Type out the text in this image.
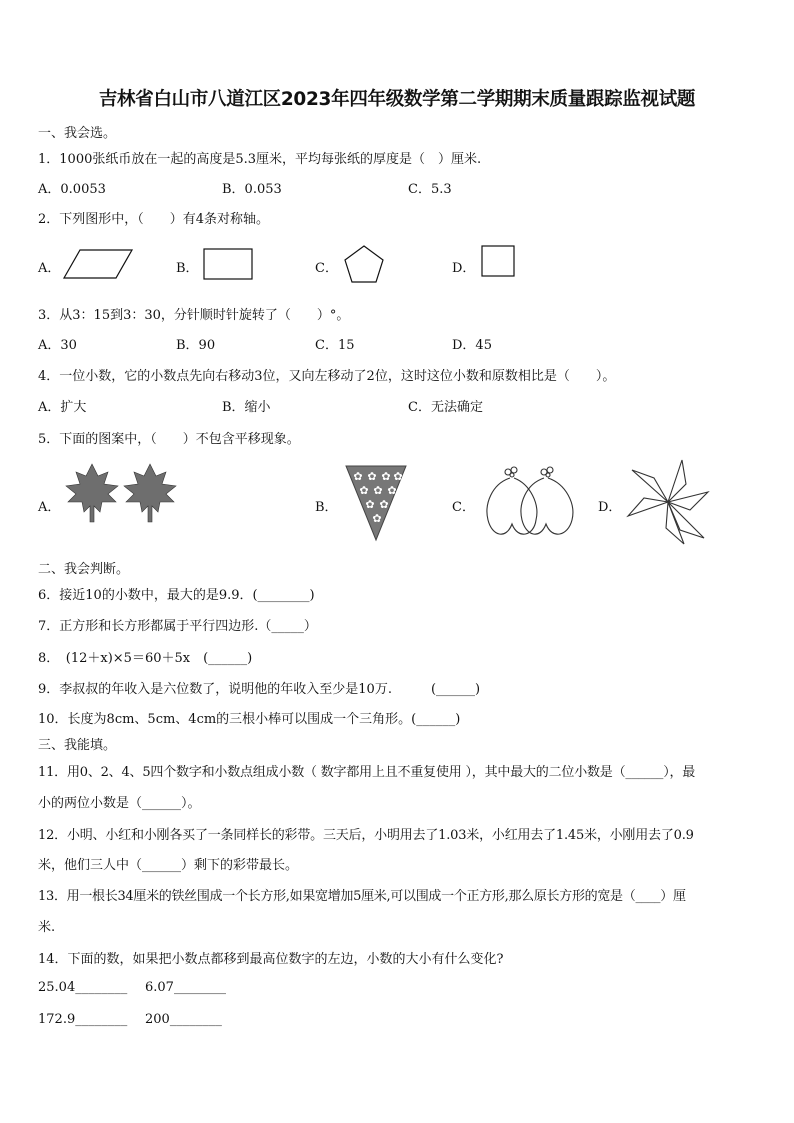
吉林省白山市八道江区2023年四年级数学第二学期期末质量跟踪监视试题
一、我会选。
1．1000张纸币放在一起的高度是5.3厘米，平均每张纸的厚度是（　）厘米.
A．0.0053	B．0.053	C．5.3
2．下列图形中，（　　）有4条对称轴。
A．	B．	C．	D．
3．从3：15到3：30，分针顺时针旋转了（　　）°。
A．30	B．90	C．15	D．45
4．一位小数，它的小数点先向右移动3位，又向左移动了2位，这时这位小数和原数相比是（　　）。
A．扩大	B．缩小	C．无法确定
5．下面的图案中，（　　）不包含平移现象。
A．	B．
✿ ✿ ✿ ✿
✿ ✿ ✿
✿ ✿
✿
C．	D．
二、我会判断。
6．接近10的小数中，最大的是9.9．(________)
7．正方形和长方形都属于平行四边形.（_____）
8．　(12＋x)×5＝60＋5x　(______)
9．李叔叔的年收入是六位数了，说明他的年收入至少是10万.　　　(______)
10．长度为8cm、5cm、4cm的三根小棒可以围成一个三角形。(______)
三、我能填。
11．用0、2、4、5四个数字和小数点组成小数（ 数字都用上且不重复使用 ），其中最大的二位小数是（______），最
小的两位小数是（______）。
12．小明、小红和小刚各买了一条同样长的彩带。三天后，小明用去了1.03米，小红用去了1.45米，小刚用去了0.9
米，他们三人中（______）剩下的彩带最长。
13．用一根长34厘米的铁丝围成一个长方形,如果宽增加5厘米,可以围成一个正方形,那么原长方形的宽是（____）厘
米.
14．下面的数，如果把小数点都移到最高位数字的左边，小数的大小有什么变化?
25.04________ 6.07________
172.9________ 200________
